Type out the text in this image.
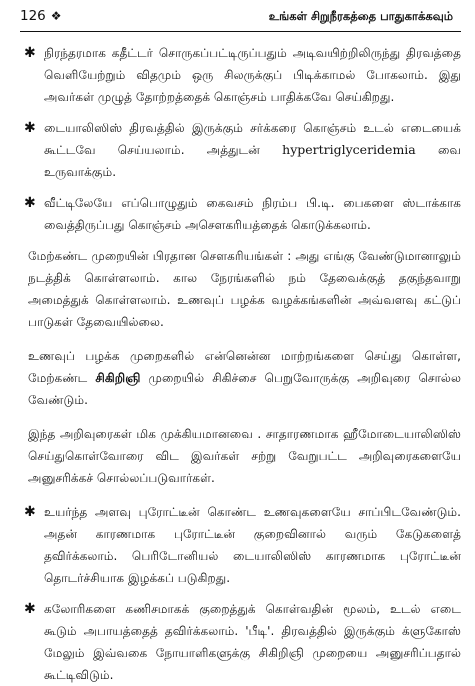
126 ❖	உங்கள் சிறுநீரகத்தை பாதுகாக்கவும்
✱ நிரந்தரமாக கதீட்டர் சொருகப்பட்டிருப்பதும் அடிவயிற்றிலிருந்து திரவத்தை வெளியேற்றும் விதமும் ஒரு சிலருக்குப் பிடிக்காமல் போகலாம். இது அவர்கள் முழுத் தோற்றத்தைக் கொஞ்சம் பாதிக்கவே செய்கிறது.

✱ டையாலிஸிஸ் திரவத்தில் இருக்கும் சர்க்கரை கொஞ்சம் உடல் எடையைக் கூட்டவே செய்யலாம். அத்துடன் hypertriglyceridemia வை உருவாக்கும்.

✱ வீட்டிலேயே எப்பொழுதும் கைவசம் நிரம்ப பி.டி. பைகளை ஸ்டாக்காக வைத்திருப்பது கொஞ்சம் அசௌகரியத்தைக் கொடுக்கலாம்.

மேற்கண்ட முறையின் பிரதான சௌகரியங்கள் : அது எங்கு வேண்டுமானாலும் நடத்திக் கொள்ளலாம். கால நேரங்களில் நம் தேவைக்குத் தகுந்தவாறு அமைத்துக் கொள்ளலாம். உணவுப் பழக்க வழக்கங்களின் அவ்வளவு கட்டுப் பாடுகள் தேவையில்லை.

உணவுப் பழக்க முறைகளில் என்னென்ன மாற்றங்களை செய்து கொள்ள, மேற்கண்ட சிகிறிஞி முறையில் சிகிச்சை பெறுவோருக்கு அறிவுரை சொல்ல வேண்டும்.

இந்த அறிவுரைகள் மிக முக்கியமானவை . சாதாரணமாக ஹீமோடையாலிஸிஸ் செய்துகொள்வோரை விட இவர்கள் சற்று வேறுபட்ட அறிவுரைகளையே அனுசரிக்கச் சொல்லப்படுவார்கள்.

✱ உயர்ந்த அளவு புரோட்டீன் கொண்ட உணவுகளையே சாப்பிடவேண்டும். அதன் காரணமாக புரோட்டீன் குறைவினால் வரும் கேடுகளைத் தவிர்க்கலாம். பெரிடோனியல் டையாலிஸிஸ் காரணமாக புரோட்டீன் தொடர்ச்சியாக இழக்கப் படுகிறது.

✱ கலோரிகளை கணிசமாகக் குறைத்துக் கொள்வதின் மூலம், உடல் எடை கூடும் அபாயத்தைத் தவிர்க்கலாம். 'பீடி'. திரவத்தில் இருக்கும் க்ளுகோஸ் மேலும் இவ்வகை நோயாளிகளுக்கு சிகிறிஞி முறையை அனுசரிப்பதால் கூட்டிவிடும்.
